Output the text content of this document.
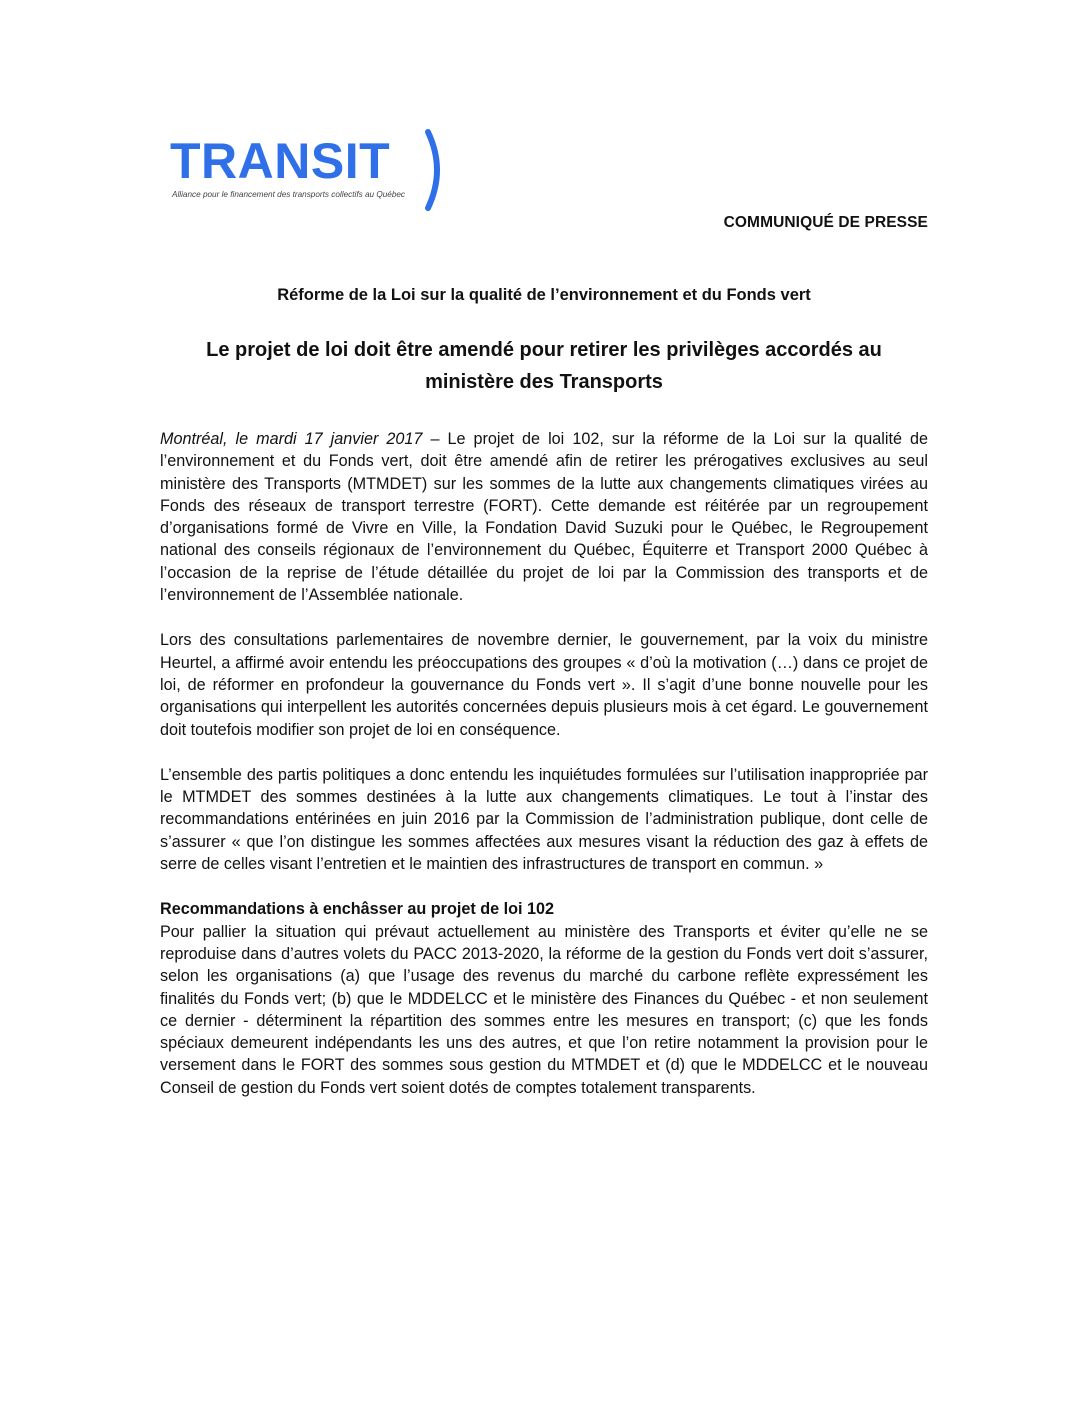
TRANSIT
Alliance pour le financement des transports collectifs au Québec
COMMUNIQUÉ DE PRESSE
Réforme de la Loi sur la qualité de l’environnement et du Fonds vert
Le projet de loi doit être amendé pour retirer les privilèges accordés au ministère des Transports

Montréal, le mardi 17 janvier 2017 – Le projet de loi 102, sur la réforme de la Loi sur la qualité de l’environnement et du Fonds vert, doit être amendé afin de retirer les prérogatives exclusives au seul ministère des Transports (MTMDET) sur les sommes de la lutte aux changements climatiques virées au Fonds des réseaux de transport terrestre (FORT). Cette demande est réitérée par un regroupement d’organisations formé de Vivre en Ville, la Fondation David Suzuki pour le Québec, le Regroupement national des conseils régionaux de l’environnement du Québec, Équiterre et Transport 2000 Québec à l’occasion de la reprise de l’étude détaillée du projet de loi par la Commission des transports et de l’environnement de l’Assemblée nationale.

Lors des consultations parlementaires de novembre dernier, le gouvernement, par la voix du ministre Heurtel, a affirmé avoir entendu les préoccupations des groupes « d’où la motivation (…) dans ce projet de loi, de réformer en profondeur la gouvernance du Fonds vert ». Il s’agit d’une bonne nouvelle pour les organisations qui interpellent les autorités concernées depuis plusieurs mois à cet égard. Le gouvernement doit toutefois modifier son projet de loi en conséquence.

L’ensemble des partis politiques a donc entendu les inquiétudes formulées sur l’utilisation inappropriée par le MTMDET des sommes destinées à la lutte aux changements climatiques. Le tout à l’instar des recommandations entérinées en juin 2016 par la Commission de l’administration publique, dont celle de s’assurer « que l’on distingue les sommes affectées aux mesures visant la réduction des gaz à effets de serre de celles visant l’entretien et le maintien des infrastructures de transport en commun. »

Recommandations à enchâsser au projet de loi 102
Pour pallier la situation qui prévaut actuellement au ministère des Transports et éviter qu’elle ne se reproduise dans d’autres volets du PACC 2013-2020, la réforme de la gestion du Fonds vert doit s’assurer, selon les organisations (a) que l’usage des revenus du marché du carbone reflète expressément les finalités du Fonds vert; (b) que le MDDELCC et le ministère des Finances du Québec - et non seulement ce dernier - déterminent la répartition des sommes entre les mesures en transport; (c) que les fonds spéciaux demeurent indépendants les uns des autres, et que l’on retire notamment la provision pour le versement dans le FORT des sommes sous gestion du MTMDET et (d) que le MDDELCC et le nouveau Conseil de gestion du Fonds vert soient dotés de comptes totalement transparents.
